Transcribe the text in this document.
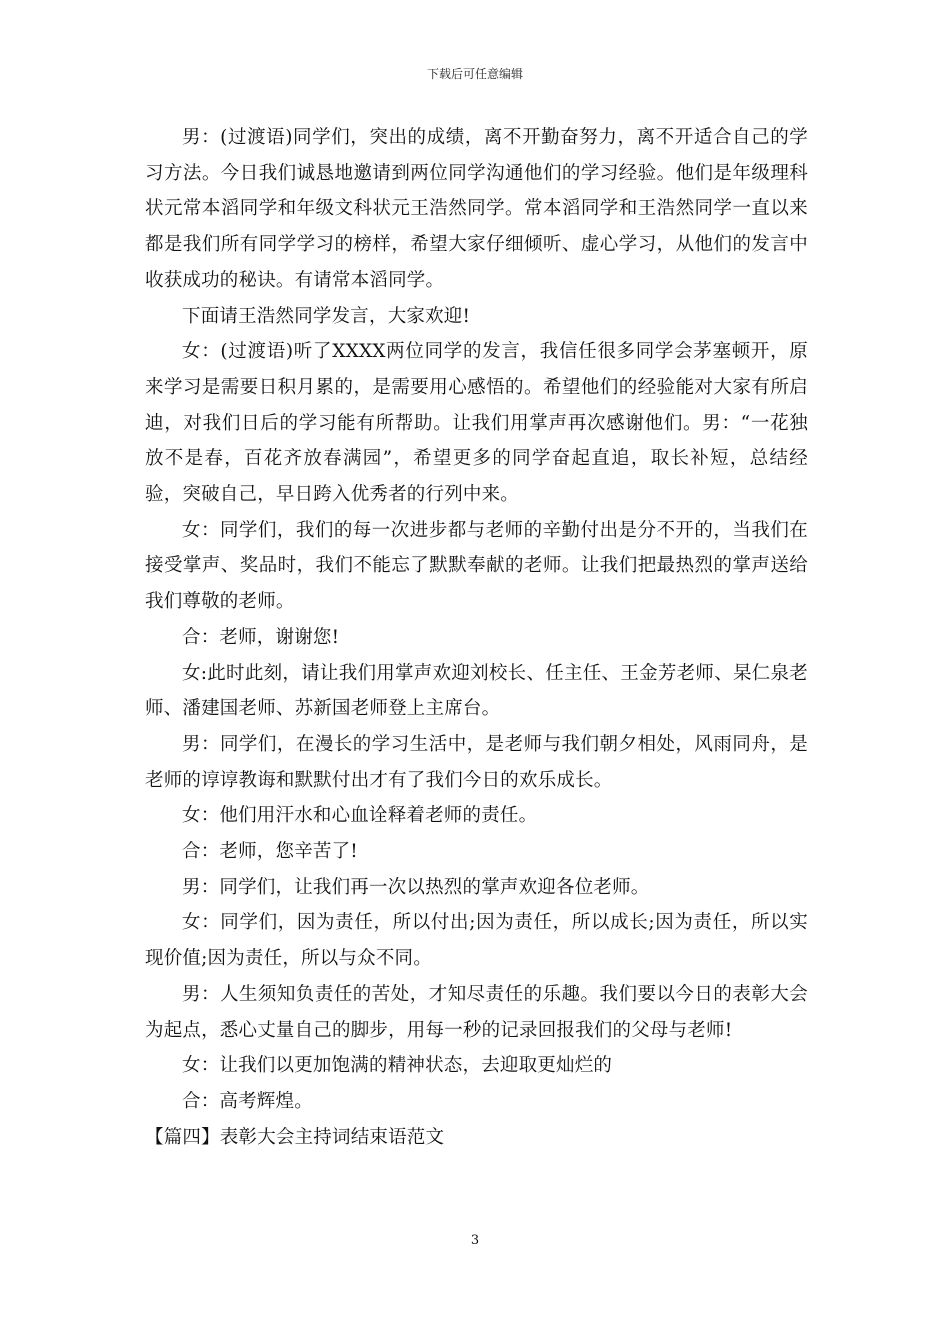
下载后可任意编辑

男：(过渡语)同学们，突出的成绩，离不开勤奋努力，离不开适合自己的学习方法。今日我们诚恳地邀请到两位同学沟通他们的学习经验。他们是年级理科状元常本滔同学和年级文科状元王浩然同学。常本滔同学和王浩然同学一直以来都是我们所有同学学习的榜样，希望大家仔细倾听、虚心学习，从他们的发言中收获成功的秘诀。有请常本滔同学。

下面请王浩然同学发言，大家欢迎!

女：(过渡语)听了XXXX两位同学的发言，我信任很多同学会茅塞顿开，原来学习是需要日积月累的，是需要用心感悟的。希望他们的经验能对大家有所启迪，对我们日后的学习能有所帮助。让我们用掌声再次感谢他们。男：“一花独放不是春，百花齐放春满园”，希望更多的同学奋起直追，取长补短，总结经验，突破自己，早日跨入优秀者的行列中来。

女：同学们，我们的每一次进步都与老师的辛勤付出是分不开的，当我们在接受掌声、奖品时，我们不能忘了默默奉献的老师。让我们把最热烈的掌声送给我们尊敬的老师。

合：老师，谢谢您!

女:此时此刻，请让我们用掌声欢迎刘校长、任主任、王金芳老师、杲仁泉老师、潘建国老师、苏新国老师登上主席台。

男：同学们，在漫长的学习生活中，是老师与我们朝夕相处，风雨同舟，是老师的谆谆教诲和默默付出才有了我们今日的欢乐成长。

女：他们用汗水和心血诠释着老师的责任。

合：老师，您辛苦了!

男：同学们，让我们再一次以热烈的掌声欢迎各位老师。

女：同学们，因为责任，所以付出;因为责任，所以成长;因为责任，所以实现价值;因为责任，所以与众不同。

男：人生须知负责任的苦处，才知尽责任的乐趣。我们要以今日的表彰大会为起点，悉心丈量自己的脚步，用每一秒的记录回报我们的父母与老师!

女：让我们以更加饱满的精神状态，去迎取更灿烂的

合：高考辉煌。

【篇四】表彰大会主持词结束语范文

3
